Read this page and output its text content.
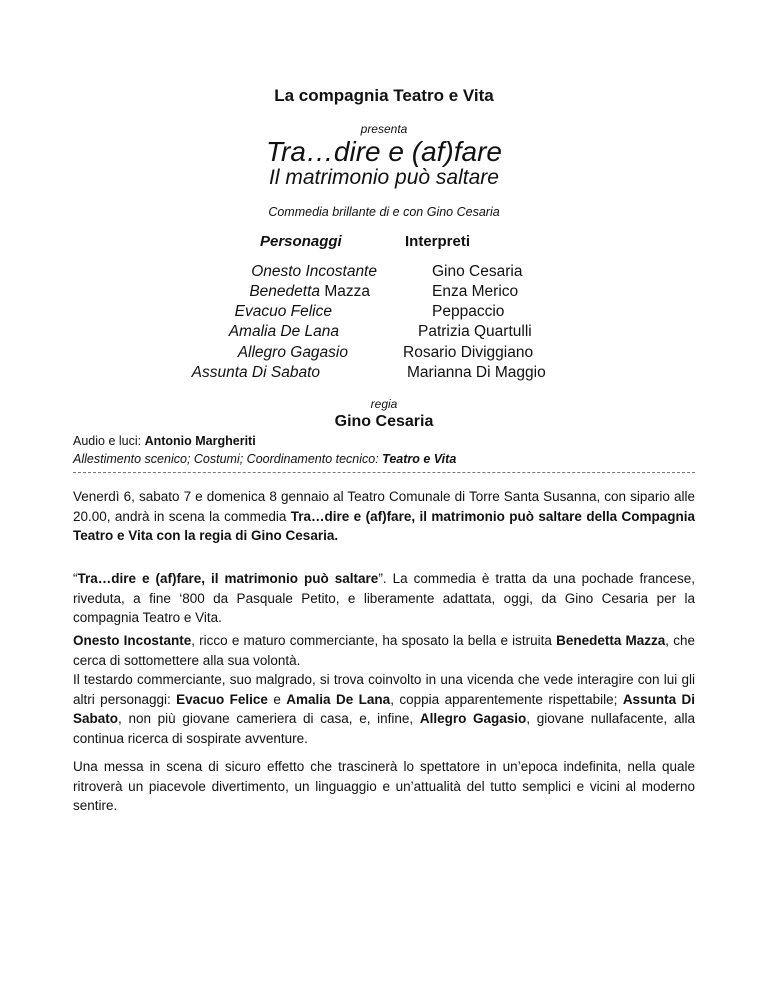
La compagnia Teatro e Vita
presenta
Tra…dire e (af)fare
Il matrimonio può saltare
Commedia brillante di e con Gino Cesaria
Personaggi	Interpreti
Onesto Incostante	Gino Cesaria
Benedetta Mazza	Enza Merico
Evacuo Felice	Peppaccio
Amalia De Lana	Patrizia Quartulli
Allegro Gagasio	Rosario Diviggiano
Assunta Di Sabato	Marianna Di Maggio
regia
Gino Cesaria
Audio e luci: Antonio Margheriti
Allestimento scenico; Costumi; Coordinamento tecnico: Teatro e Vita
Venerdì 6, sabato 7 e domenica 8 gennaio al Teatro Comunale di Torre Santa Susanna, con sipario alle 20.00, andrà in scena la commedia Tra…dire e (af)fare, il matrimonio può saltare della Compagnia Teatro e Vita con la regia di Gino Cesaria.
“Tra…dire e (af)fare, il matrimonio può saltare”. La commedia è tratta da una pochade francese, riveduta, a fine ‘800 da Pasquale Petito, e liberamente adattata, oggi, da Gino Cesaria per la compagnia Teatro e Vita.
Onesto Incostante, ricco e maturo commerciante, ha sposato la bella e istruita Benedetta Mazza, che cerca di sottomettere alla sua volontà.
Il testardo commerciante, suo malgrado, si trova coinvolto in una vicenda che vede interagire con lui gli altri personaggi: Evacuo Felice e Amalia De Lana, coppia apparentemente rispettabile; Assunta Di Sabato, non più giovane cameriera di casa, e, infine, Allegro Gagasio, giovane nullafacente, alla continua ricerca di sospirate avventure.
Una messa in scena di sicuro effetto che trascinerà lo spettatore in un’epoca indefinita, nella quale ritroverà un piacevole divertimento, un linguaggio e un’attualità del tutto semplici e vicini al moderno sentire.
